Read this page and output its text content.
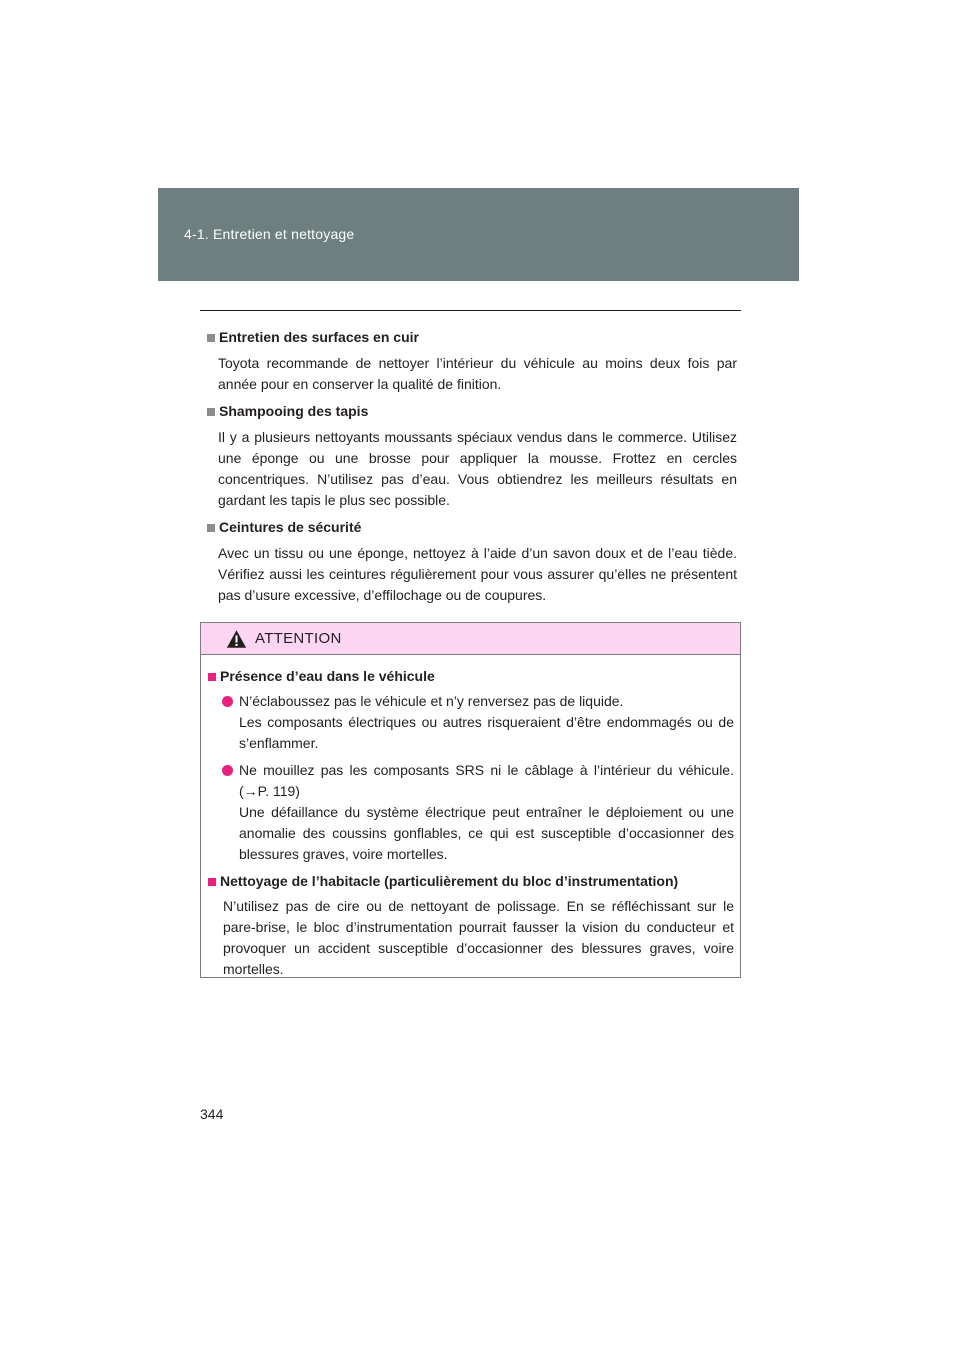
4-1. Entretien et nettoyage
Entretien des surfaces en cuir

Toyota recommande de nettoyer l’intérieur du véhicule au moins deux fois par année pour en conserver la qualité de finition.

Shampooing des tapis

Il y a plusieurs nettoyants moussants spéciaux vendus dans le commerce. Utilisez une éponge ou une brosse pour appliquer la mousse. Frottez en cercles concentriques. N’utilisez pas d’eau. Vous obtiendrez les meilleurs résultats en gardant les tapis le plus sec possible.

Ceintures de sécurité

Avec un tissu ou une éponge, nettoyez à l’aide d’un savon doux et de l’eau tiède. Vérifiez aussi les ceintures régulièrement pour vous assurer qu’elles ne présentent pas d’usure excessive, d’effilochage ou de coupures.

ATTENTION
Présence d’eau dans le véhicule
N’éclaboussez pas le véhicule et n’y renversez pas de liquide.
Les composants électriques ou autres risqueraient d’être endommagés ou de s’enflammer.
Ne mouillez pas les composants SRS ni le câblage à l’intérieur du véhicule. (→P. 119)
Une défaillance du système électrique peut entraîner le déploiement ou une anomalie des coussins gonflables, ce qui est susceptible d’occasionner des blessures graves, voire mortelles.
Nettoyage de l’habitacle (particulièrement du bloc d’instrumentation)
N’utilisez pas de cire ou de nettoyant de polissage. En se réfléchissant sur le pare-brise, le bloc d’instrumentation pourrait fausser la vision du conducteur et provoquer un accident susceptible d’occasionner des blessures graves, voire mortelles.
344
